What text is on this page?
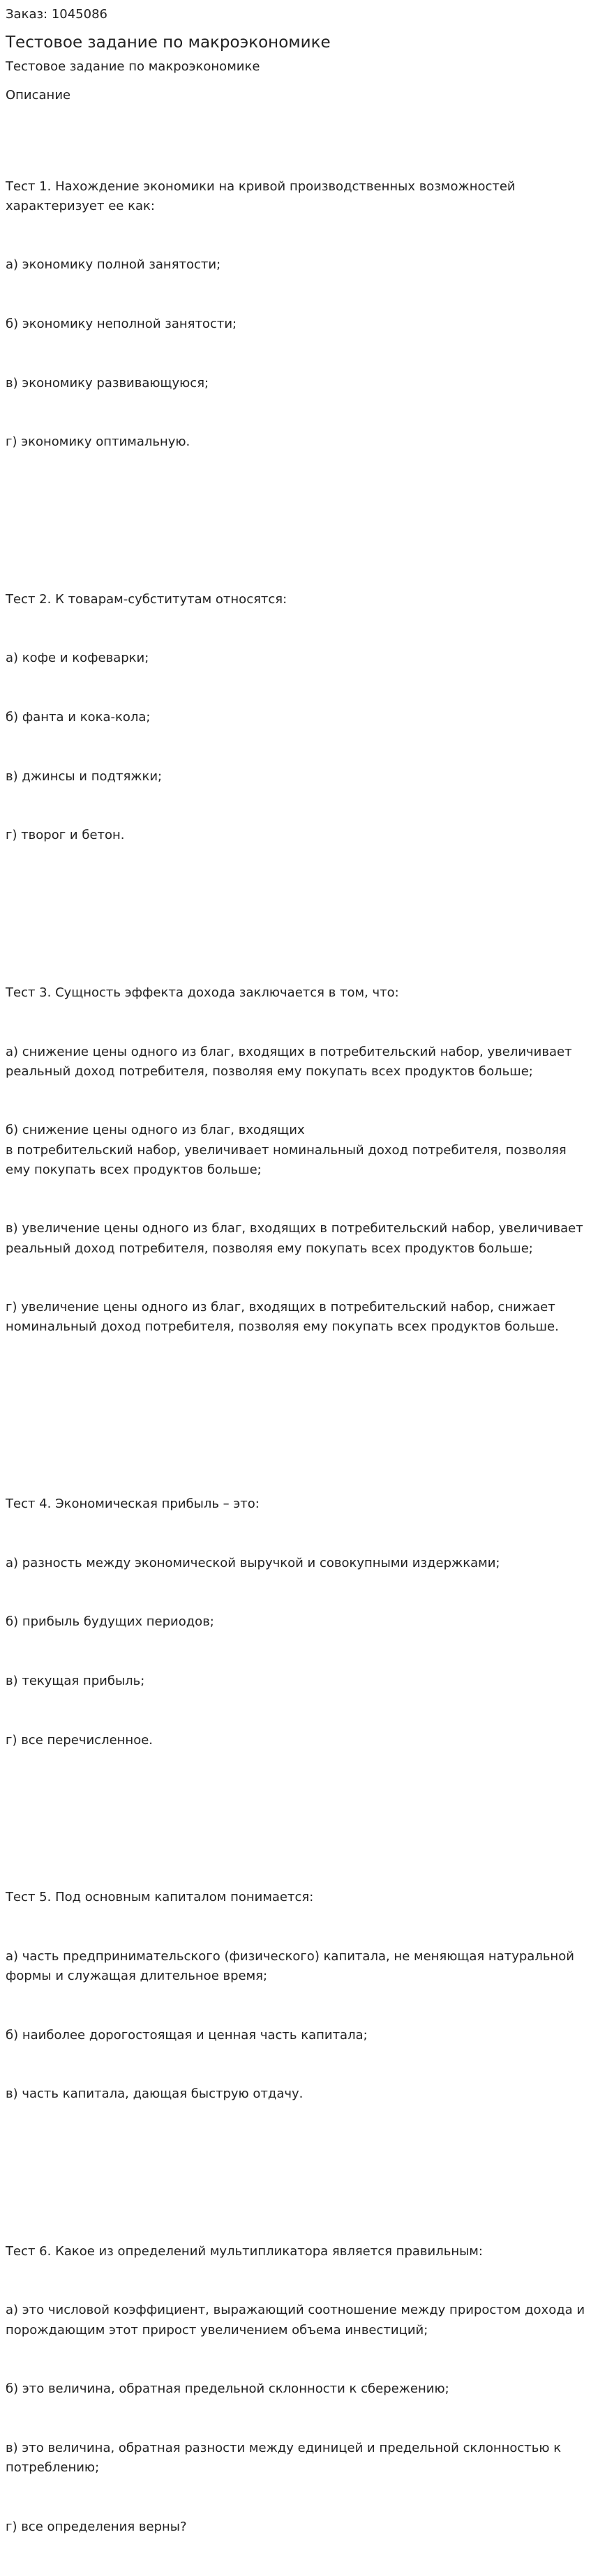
Заказ: 1045086

Тестовое задание по макроэкономике

Тестовое задание по макроэкономике

Описание

Тест 1. Нахождение экономики на кривой производственных возможностей характеризует ее как:

а) экономику полной занятости;

б) экономику неполной занятости;

в) экономику развивающуюся;

г) экономику оптимальную.

Тест 2. К товарам-субститутам относятся:

а) кофе и кофеварки;

б) фанта и кока-кола;

в) джинсы и подтяжки;

г) творог и бетон.

Тест 3. Сущность эффекта дохода заключается в том, что:

а) снижение цены одного из благ, входящих в потребительский набор, увеличивает реальный доход потребителя, позволяя ему покупать всех продуктов больше;

б) снижение цены одного из благ, входящих
в потребительский набор, увеличивает номинальный доход потребителя, позволяя ему покупать всех продуктов больше;

в) увеличение цены одного из благ, входящих в потребительский набор, увеличивает реальный доход потребителя, позволяя ему покупать всех продуктов больше;

г) увеличение цены одного из благ, входящих в потребительский набор, снижает номинальный доход потребителя, позволяя ему покупать всех продуктов больше.

Тест 4. Экономическая прибыль – это:

а) разность между экономической выручкой и совокупными издержками;

б) прибыль будущих периодов;

в) текущая прибыль;

г) все перечисленное.

Тест 5. Под основным капиталом понимается:

а) часть предпринимательского (физического) капитала, не меняющая натуральной формы и служащая длительное время;

б) наиболее дорогостоящая и ценная часть капитала;

в) часть капитала, дающая быструю отдачу.

Тест 6. Какое из определений мультипликатора является правильным:

а) это числовой коэффициент, выражающий соотношение между приростом дохода и порождающим этот прирост увеличением объема инвестиций;

б) это величина, обратная предельной склонности к сбережению;

в) это величина, обратная разности между единицей и предельной склонностью к потреблению;

г) все определения верны?
